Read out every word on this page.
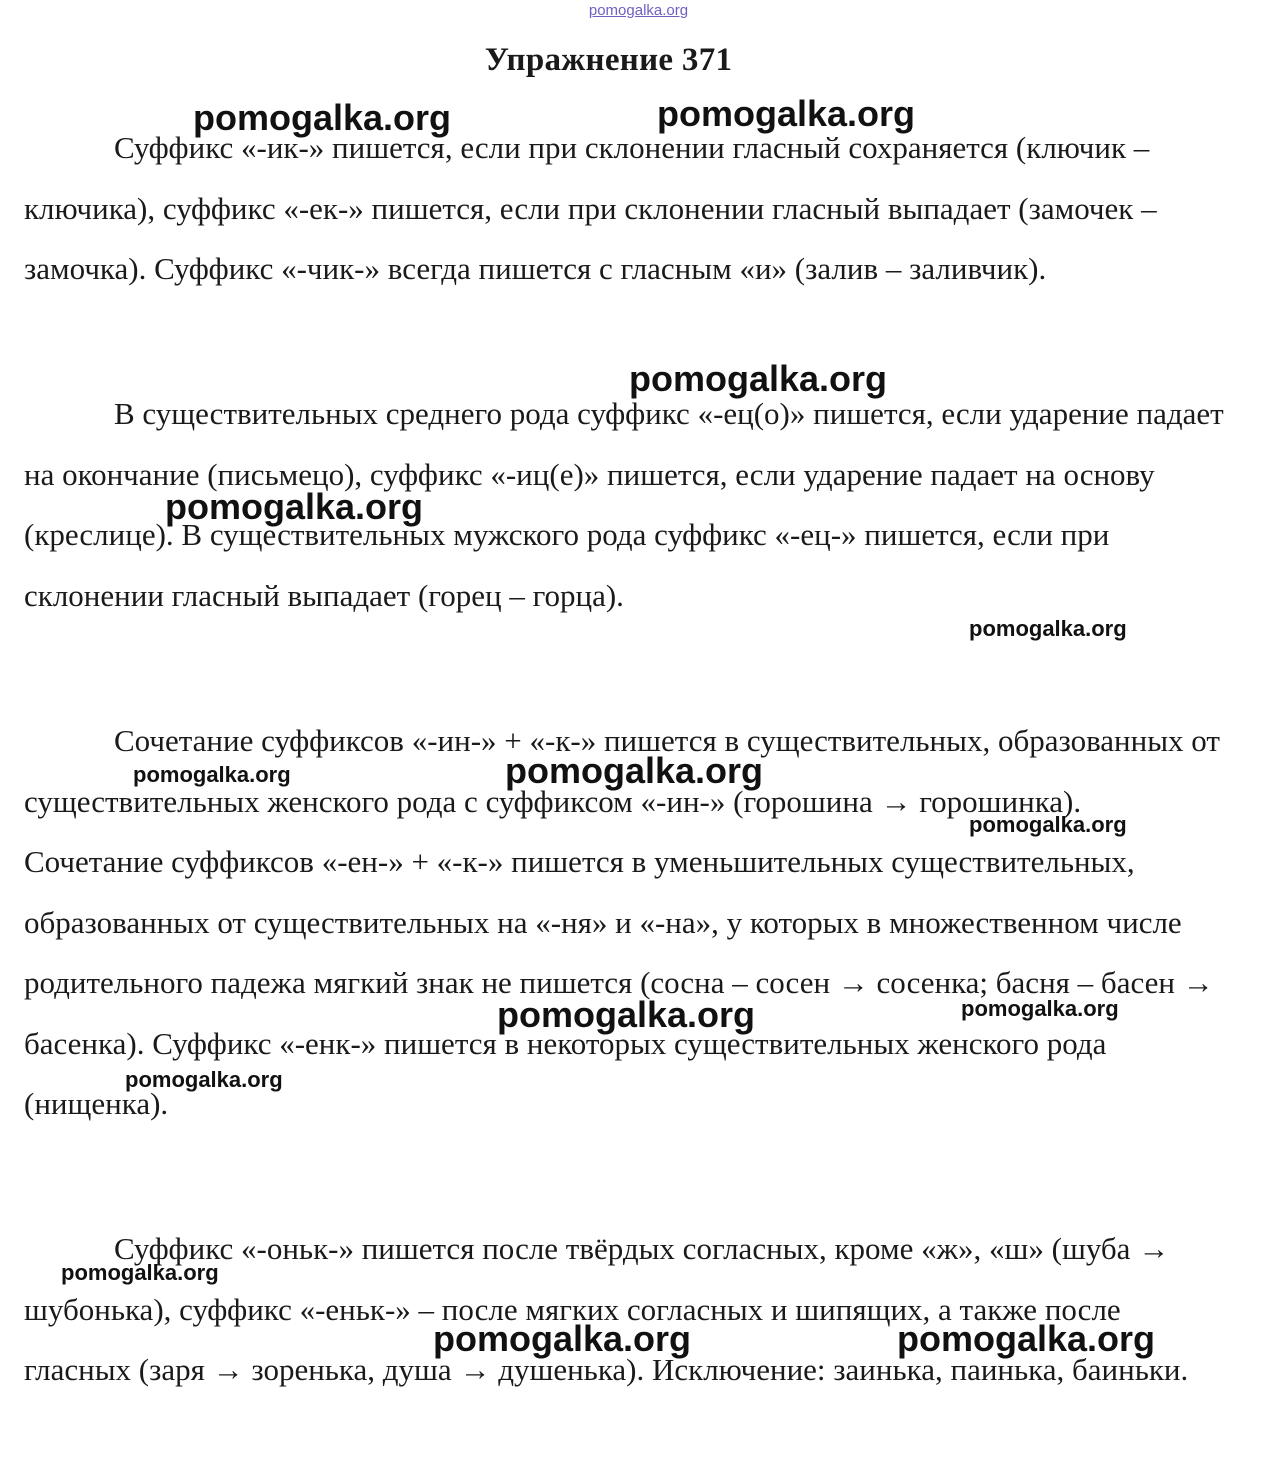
pomogalka.org
Упражнение 371

Суффикс «-ик-» пишется, если при склонении гласный сохраняется (ключик – ключика), суффикс «-ек-» пишется, если при склонении гласный выпадает (замочек – замочка). Суффикс «-чик-» всегда пишется с гласным «и» (залив – заливчик).

В существительных среднего рода суффикс «-ец(о)» пишется, если ударение падает на окончание (письмецо), суффикс «-иц(е)» пишется, если ударение падает на основу (креслице). В существительных мужского рода суффикс «-ец-» пишется, если при склонении гласный выпадает (горец – горца).

Сочетание суффиксов «-ин-» + «-к-» пишется в существительных, образованных от существительных женского рода с суффиксом «-ин-» (горошина → горошинка). Сочетание суффиксов «-ен-» + «-к-» пишется в уменьшительных существительных, образованных от существительных на «-ня» и «-на», у которых в множественном числе родительного падежа мягкий знак не пишется (сосна – сосен → сосенка; басня – басен → басенка). Суффикс «-енк-» пишется в некоторых существительных женского рода (нищенка).

Суффикс «-оньк-» пишется после твёрдых согласных, кроме «ж», «ш» (шуба → шубонька), суффикс «-еньк-» – после мягких согласных и шипящих, а также после гласных (заря → зоренька, душа → душенька). Исключение: заинька, паинька, баиньки.

pomogalka.org	pomogalka.org
pomogalka.org
pomogalka.org
pomogalka.org
pomogalka.org	pomogalka.org
pomogalka.org
pomogalka.org
pomogalka.org
pomogalka.org
pomogalka.org
pomogalka.org	pomogalka.org
